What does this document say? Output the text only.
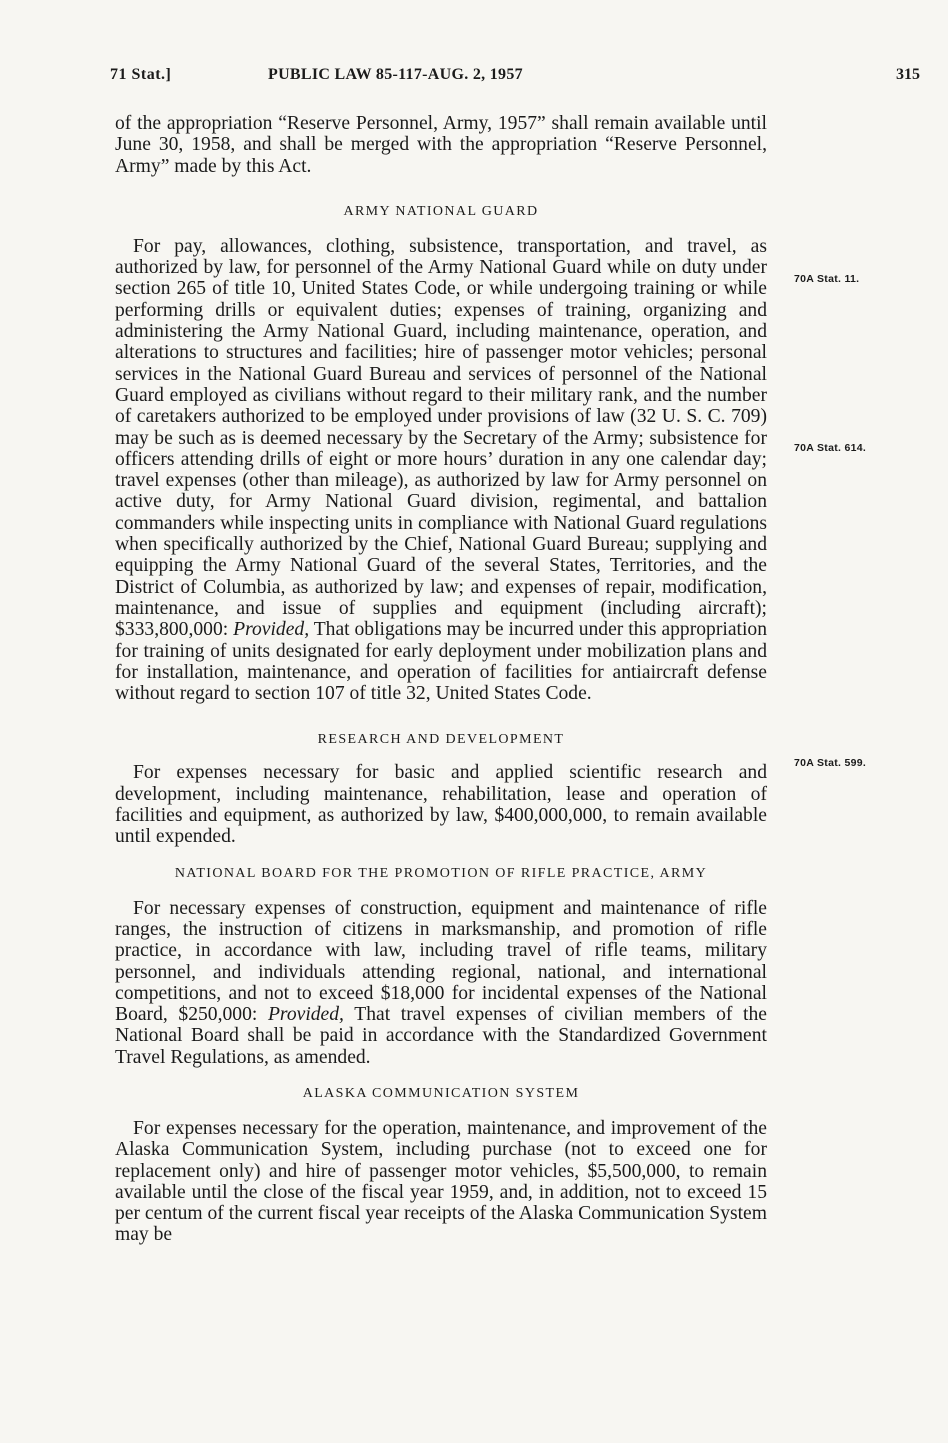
71 Stat.]	PUBLIC LAW 85-117-AUG. 2, 1957	315

of the appropriation “Reserve Personnel, Army, 1957” shall remain available until June 30, 1958, and shall be merged with the appropriation “Reserve Personnel, Army” made by this Act.

ARMY NATIONAL GUARD

For pay, allowances, clothing, subsistence, transportation, and travel, as authorized by law, for personnel of the Army National Guard while on duty under section 265 of title 10, United States Code, or while undergoing training or while performing drills or equivalent duties; expenses of training, organizing and administering the Army National Guard, including maintenance, operation, and alterations to structures and facilities; hire of passenger motor vehicles; personal services in the National Guard Bureau and services of personnel of the National Guard employed as civilians without regard to their military rank, and the number of caretakers authorized to be employed under provisions of law (32 U. S. C. 709) may be such as is deemed necessary by the Secretary of the Army; subsistence for officers attending drills of eight or more hours’ duration in any one calendar day; travel expenses (other than mileage), as authorized by law for Army personnel on active duty, for Army National Guard division, regimental, and battalion commanders while inspecting units in compliance with National Guard regulations when specifically authorized by the Chief, National Guard Bureau; supplying and equipping the Army National Guard of the several States, Territories, and the District of Columbia, as authorized by law; and expenses of repair, modification, maintenance, and issue of supplies and equipment (including aircraft); $333,800,000: Provided, That obligations may be incurred under this appropriation for training of units designated for early deployment under mobilization plans and for installation, maintenance, and operation of facilities for antiaircraft defense without regard to section 107 of title 32, United States Code.

RESEARCH AND DEVELOPMENT

For expenses necessary for basic and applied scientific research and development, including maintenance, rehabilitation, lease and operation of facilities and equipment, as authorized by law, $400,000,000, to remain available until expended.

NATIONAL BOARD FOR THE PROMOTION OF RIFLE PRACTICE, ARMY

For necessary expenses of construction, equipment and maintenance of rifle ranges, the instruction of citizens in marksmanship, and promotion of rifle practice, in accordance with law, including travel of rifle teams, military personnel, and individuals attending regional, national, and international competitions, and not to exceed $18,000 for incidental expenses of the National Board, $250,000: Provided, That travel expenses of civilian members of the National Board shall be paid in accordance with the Standardized Government Travel Regulations, as amended.

ALASKA COMMUNICATION SYSTEM

For expenses necessary for the operation, maintenance, and improvement of the Alaska Communication System, including purchase (not to exceed one for replacement only) and hire of passenger motor vehicles, $5,500,000, to remain available until the close of the fiscal year 1959, and, in addition, not to exceed 15 per centum of the current fiscal year receipts of the Alaska Communication System may be

70A Stat. 11.
70A Stat. 614.
70A Stat. 599.
